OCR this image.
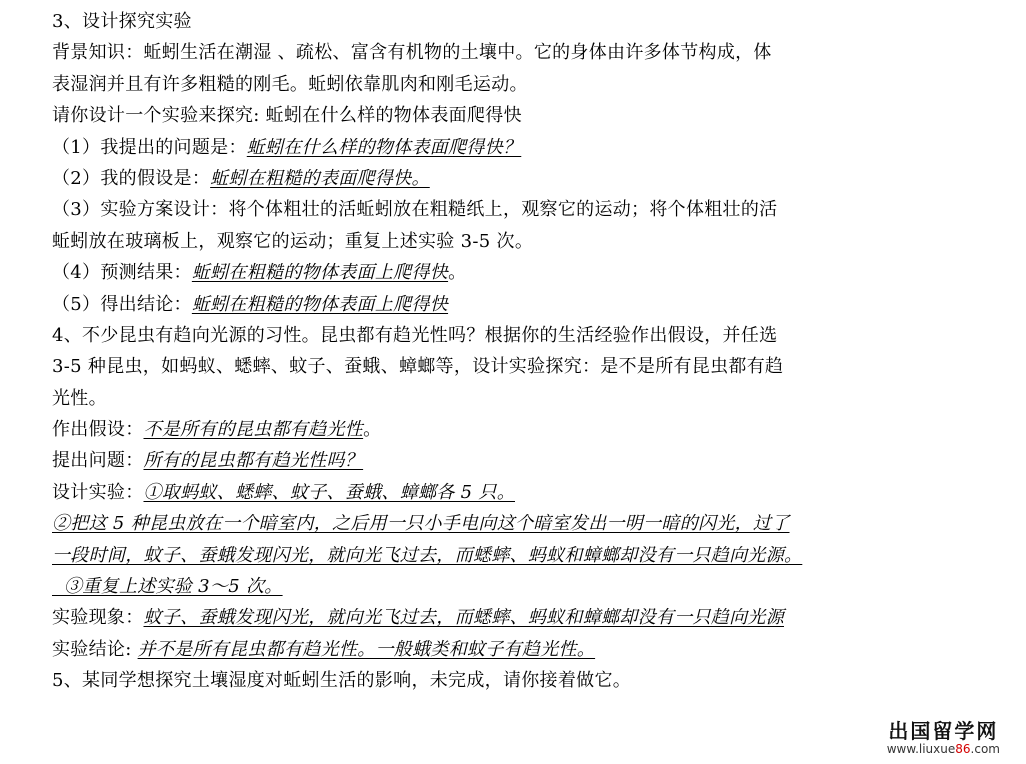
3、设计探究实验
背景知识：蚯蚓生活在潮湿 、疏松、富含有机物的土壤中。它的身体由许多体节构成，体
表湿润并且有许多粗糙的刚毛。蚯蚓依靠肌肉和刚毛运动。
请你设计一个实验来探究: 蚯蚓在什么样的物体表面爬得快
（1）我提出的问题是：蚯蚓在什么样的物体表面爬得快？
（2）我的假设是：蚯蚓在粗糙的表面爬得快。
（3）实验方案设计：将个体粗壮的活蚯蚓放在粗糙纸上，观察它的运动；将个体粗壮的活
蚯蚓放在玻璃板上，观察它的运动；重复上述实验 3-5 次。
（4）预测结果：蚯蚓在粗糙的物体表面上爬得快。
（5）得出结论：蚯蚓在粗糙的物体表面上爬得快
4、不少昆虫有趋向光源的习性。昆虫都有趋光性吗？根据你的生活经验作出假设，并任选
3-5 种昆虫，如蚂蚁、蟋蟀、蚊子、蚕蛾、蟑螂等，设计实验探究：是不是所有昆虫都有趋
光性。
作出假设：不是所有的昆虫都有趋光性。
提出问题：所有的昆虫都有趋光性吗？
设计实验：①取蚂蚁、蟋蟀、蚊子、蚕蛾、蟑螂各 5 只。
②把这 5 种昆虫放在一个暗室内，之后用一只小手电向这个暗室发出一明一暗的闪光，过了
一段时间，蚊子、蚕蛾发现闪光，就向光飞过去，而蟋蟀、蚂蚁和蟑螂却没有一只趋向光源。
③重复上述实验 3～5 次。
实验现象：蚊子、蚕蛾发现闪光，就向光飞过去，而蟋蟀、蚂蚁和蟑螂却没有一只趋向光源
实验结论: 并不是所有昆虫都有趋光性。一般蛾类和蚊子有趋光性。
5、某同学想探究土壤湿度对蚯蚓生活的影响，未完成，请你接着做它。
出国留学网
www.liuxue86.com
